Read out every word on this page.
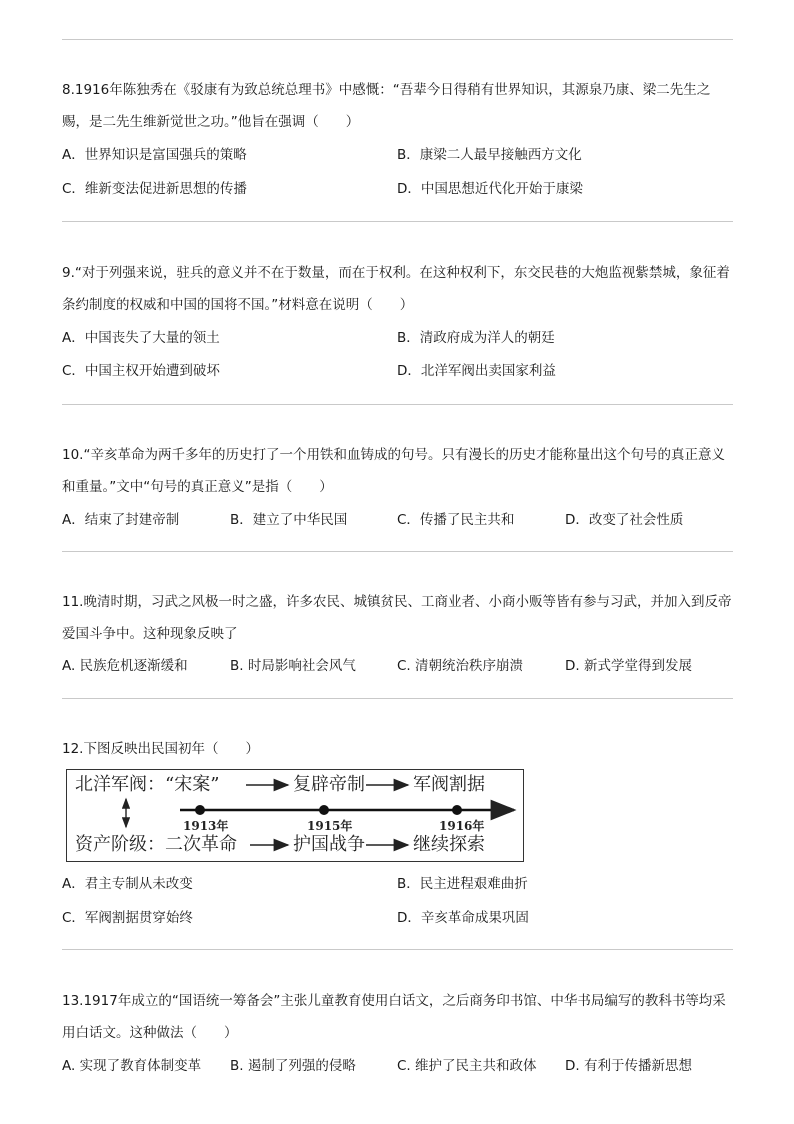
8.1916年陈独秀在《驳康有为致总统总理书》中感慨：“吾辈今日得稍有世界知识，其源泉乃康、梁二先生之赐，是二先生维新觉世之功。”他旨在强调（　　）
A．世界知识是富国强兵的策略	B．康梁二人最早接触西方文化
C．维新变法促进新思想的传播	D．中国思想近代化开始于康梁
9.“对于列强来说，驻兵的意义并不在于数量，而在于权利。在这种权利下，东交民巷的大炮监视紫禁城，象征着条约制度的权威和中国的国将不国。”材料意在说明（　　）
A．中国丧失了大量的领土	B．清政府成为洋人的朝廷
C．中国主权开始遭到破坏	D．北洋军阀出卖国家利益
10.“辛亥革命为两千多年的历史打了一个用铁和血铸成的句号。只有漫长的历史才能称量出这个句号的真正意义和重量。”文中“句号的真正意义”是指（　　）
A．结束了封建帝制	B．建立了中华民国	C．传播了民主共和	D．改变了社会性质
11.晚清时期，习武之风极一时之盛，许多农民、城镇贫民、工商业者、小商小贩等皆有参与习武，并加入到反帝爱国斗争中。这种现象反映了
A. 民族危机逐渐缓和	B. 时局影响社会风气	C. 清朝统治秩序崩溃	D. 新式学堂得到发展
12.下图反映出民国初年（　　）
北洋军阀： “宋案”	复辟帝制	军阀割据
1913年	1915年	1916年
资产阶级： 二次革命	护国战争	继续探索
A．君主专制从未改变	B．民主进程艰难曲折
C．军阀割据贯穿始终	D．辛亥革命成果巩固
13.1917年成立的“国语统一筹备会”主张儿童教育使用白话文，之后商务印书馆、中华书局编写的教科书等均采用白话文。这种做法（　　）
A. 实现了教育体制变革 B. 遏制了列强的侵略	C. 维护了民主共和政体 D. 有利于传播新思想
